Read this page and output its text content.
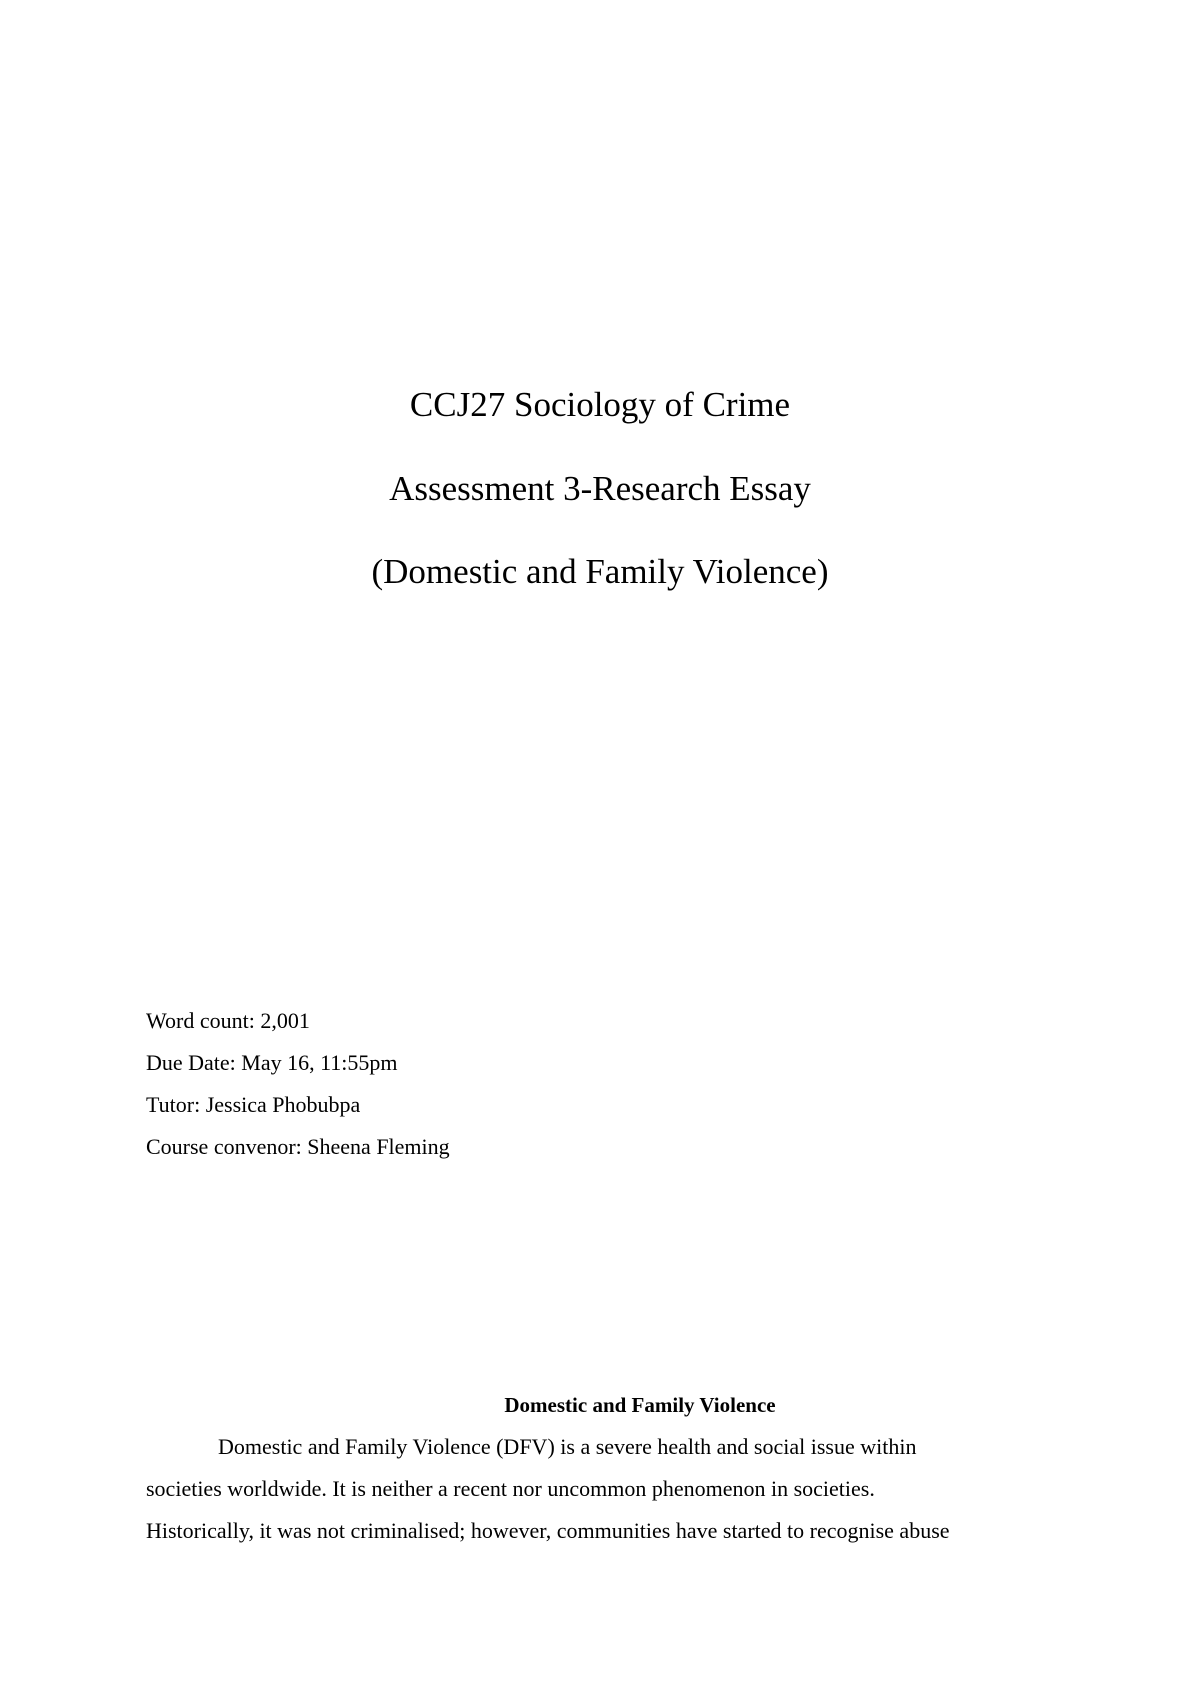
CCJ27 Sociology of Crime
Assessment 3-Research Essay
(Domestic and Family Violence)
Word count: 2,001
Due Date: May 16, 11:55pm
Tutor: Jessica Phobubpa
Course convenor: Sheena Fleming
Domestic and Family Violence
Domestic and Family Violence (DFV) is a severe health and social issue within
societies worldwide. It is neither a recent nor uncommon phenomenon in societies.
Historically, it was not criminalised; however, communities have started to recognise abuse
